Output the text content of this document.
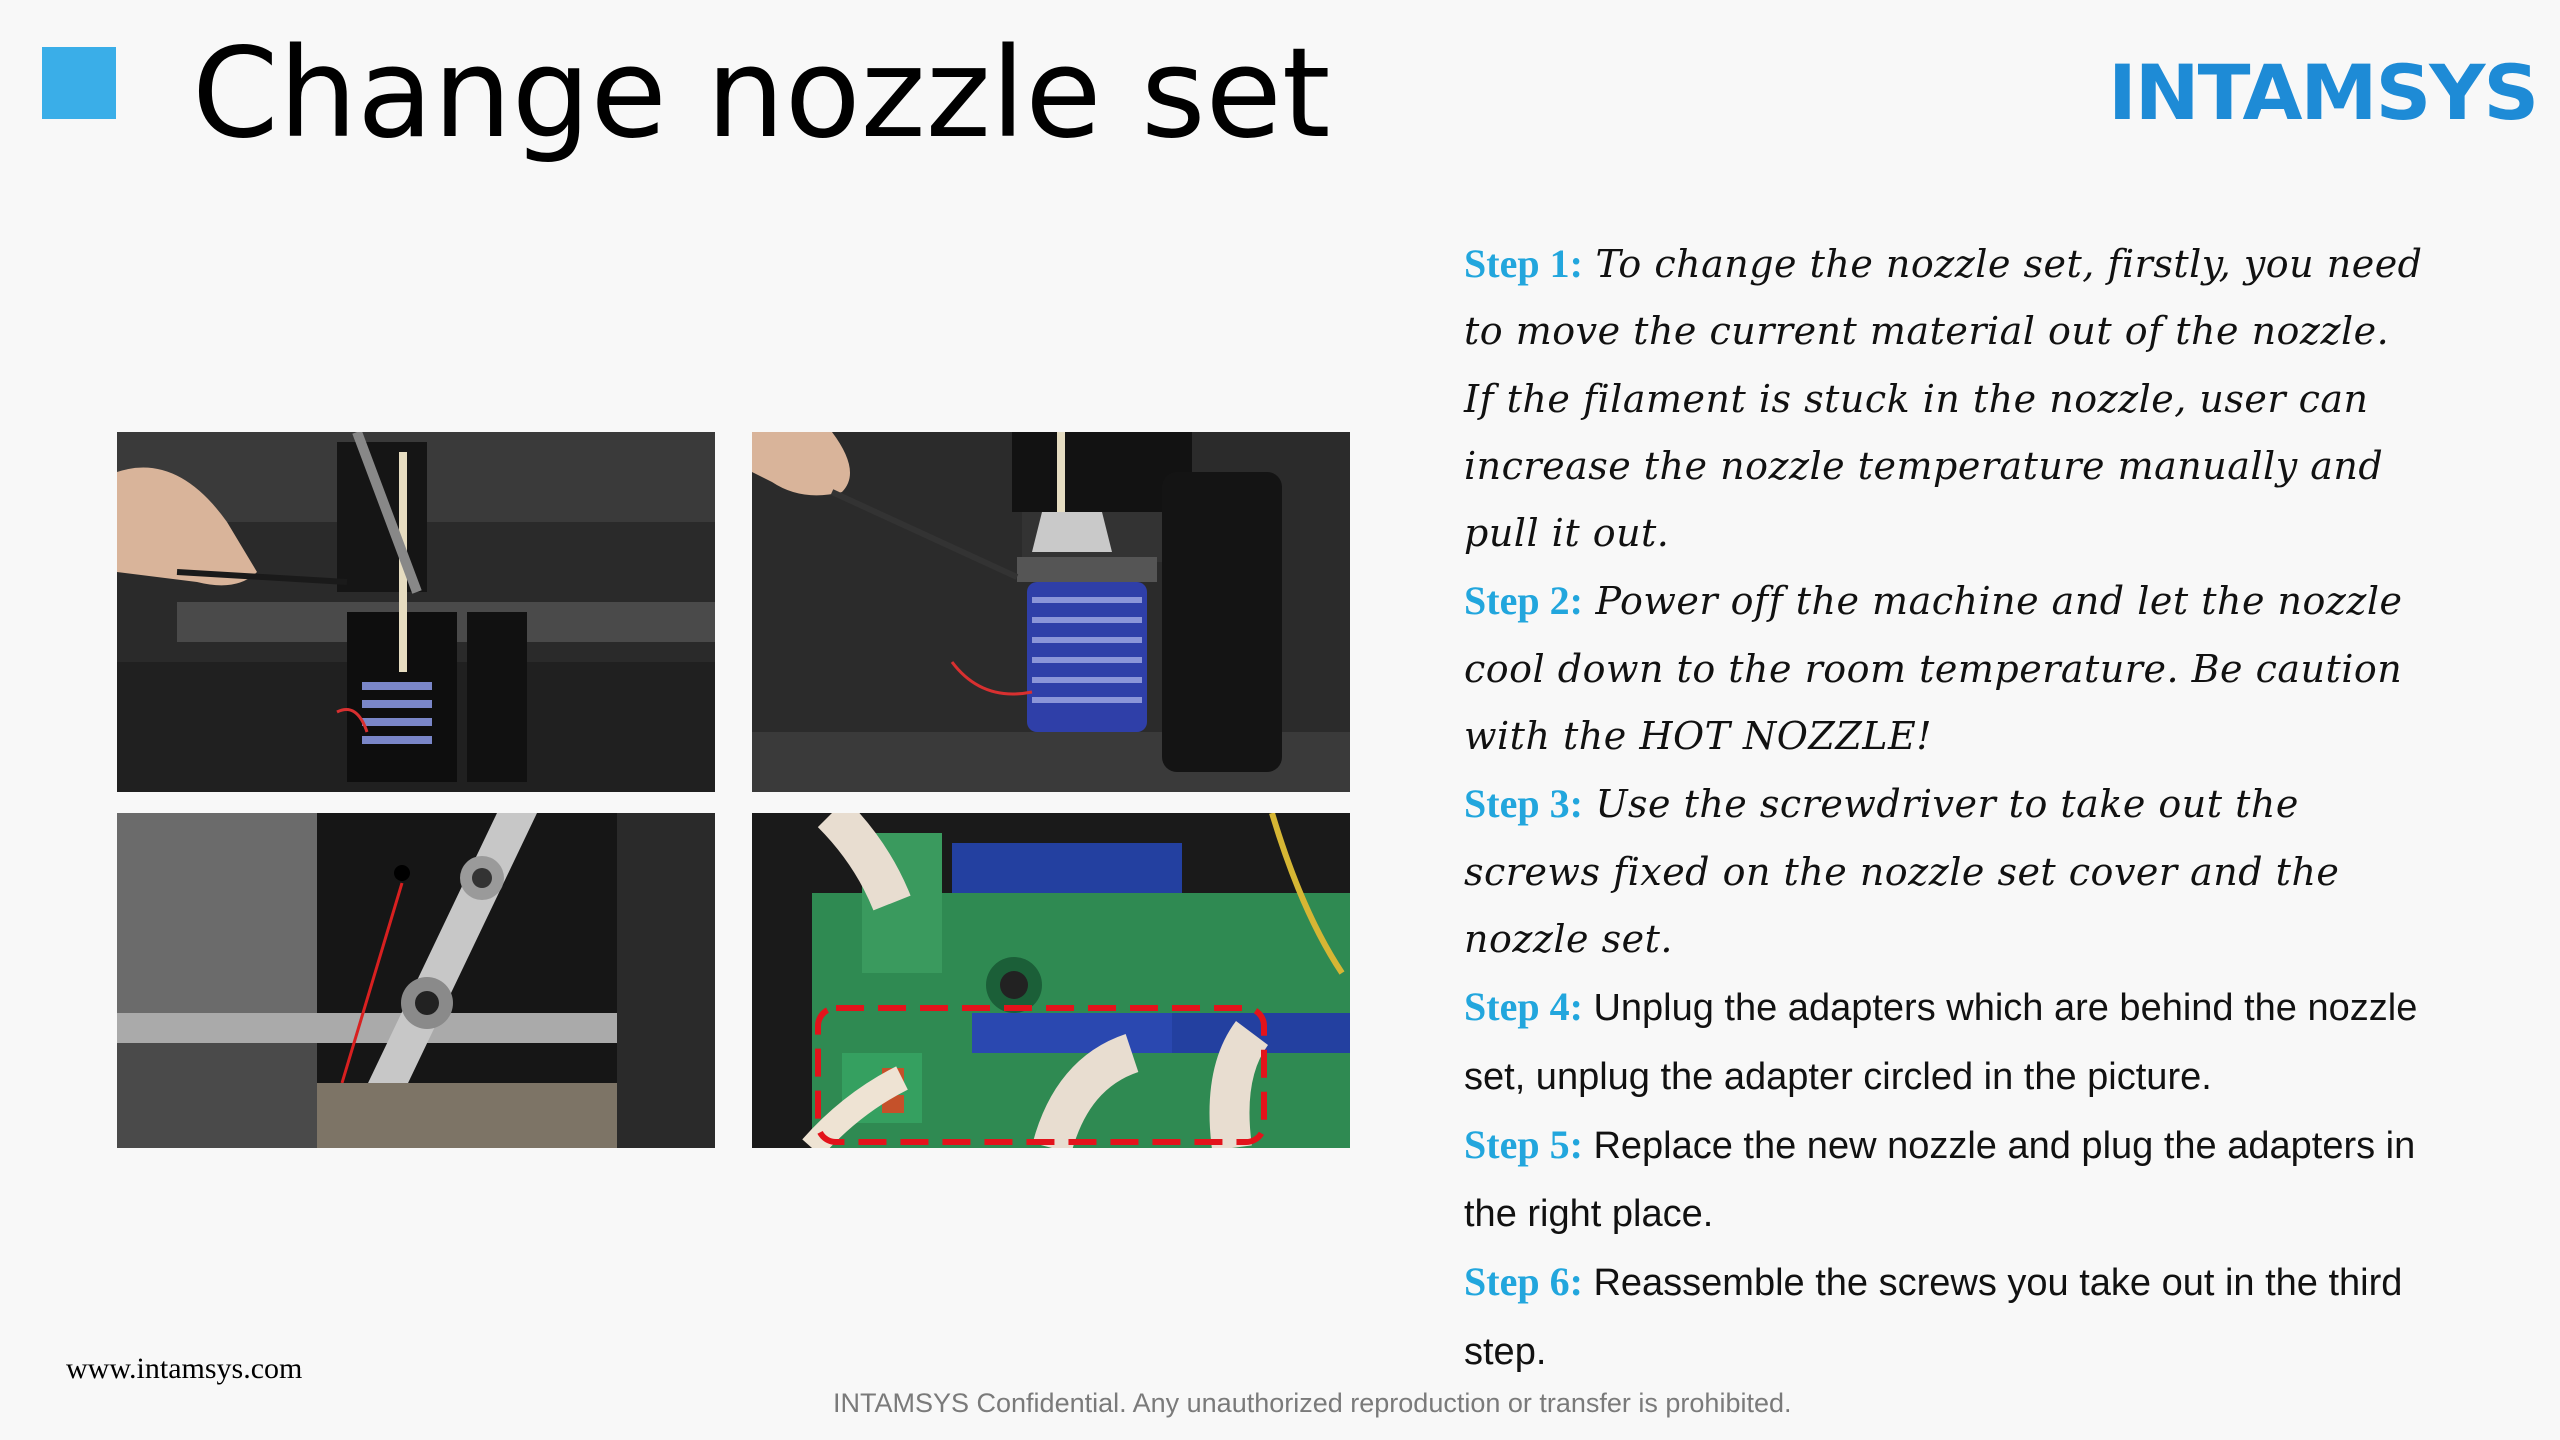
Change nozzle set	INTAMSYS

Step 1: To change the nozzle set, firstly, you need to move the current material out of the nozzle. If the filament is stuck in the nozzle, user can increase the nozzle temperature manually and pull it out.

Step 2: Power off the machine and let the nozzle cool down to the room temperature. Be caution with the HOT NOZZLE!

Step 3: Use the screwdriver to take out the screws fixed on the nozzle set cover and the nozzle set.

Step 4: Unplug the adapters which are behind the nozzle set, unplug the adapter circled in the picture.

Step 5: Replace the new nozzle and plug the adapters in the right place.

Step 6: Reassemble the screws you take out in the third step.

www.intamsys.com
INTAMSYS Confidential. Any unauthorized reproduction or transfer is prohibited.
